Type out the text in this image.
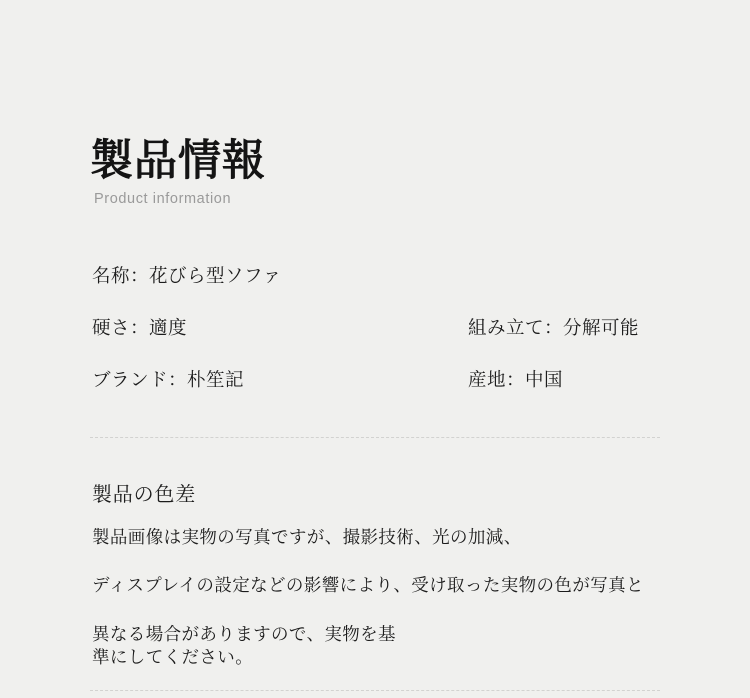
製品情報
Product information
名称：花びら型ソファ
硬さ：適度	組み立て：分解可能
ブランド：朴笙記	産地：中国
製品の色差
製品画像は実物の写真ですが、撮影技術、光の加減、
ディスプレイの設定などの影響により、受け取った実物の色が写真と
異なる場合がありますので、実物を基
準にしてください。
